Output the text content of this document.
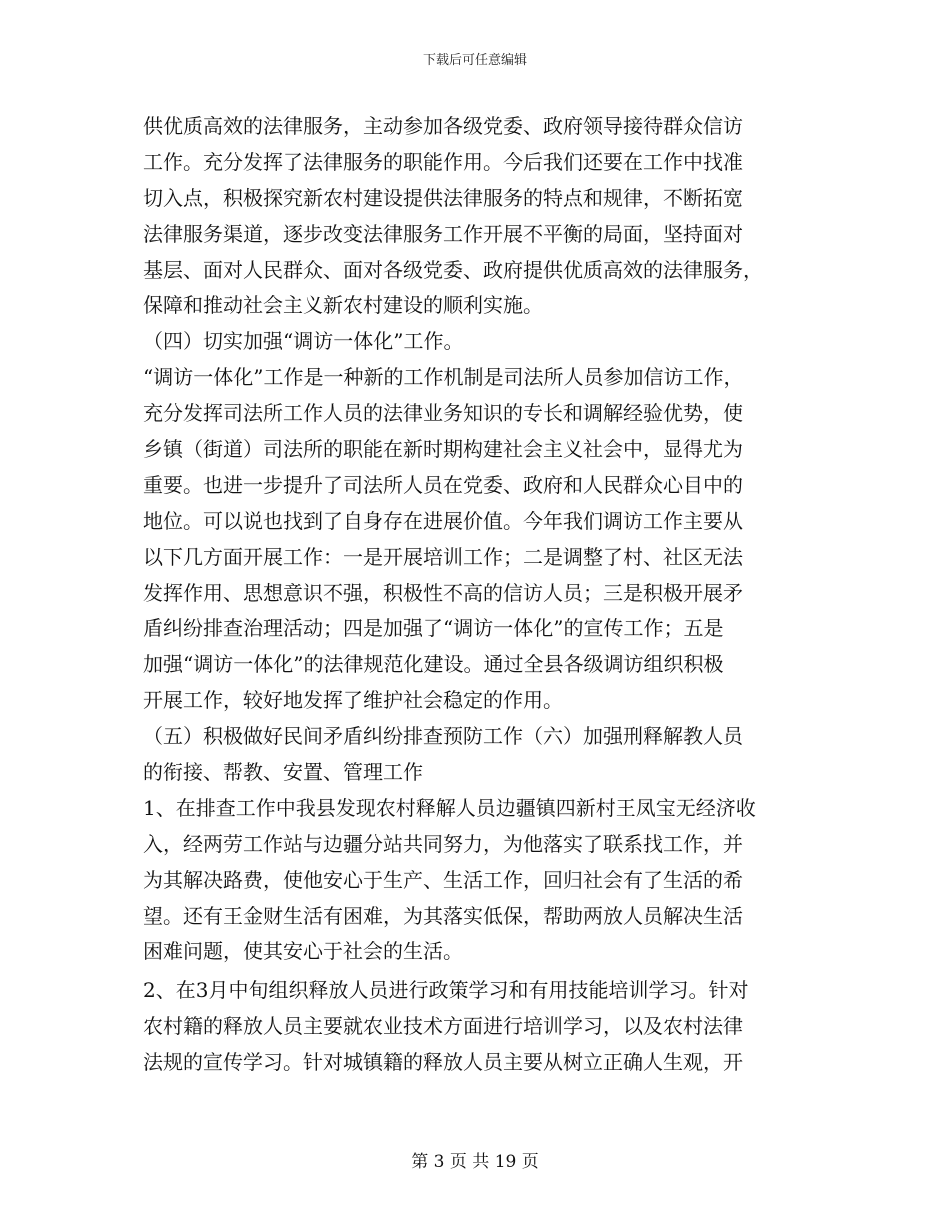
下载后可任意编辑
供优质高效的法律服务，主动参加各级党委、政府领导接待群众信访
工作。充分发挥了法律服务的职能作用。今后我们还要在工作中找准
切入点，积极探究新农村建设提供法律服务的特点和规律，不断拓宽
法律服务渠道，逐步改变法律服务工作开展不平衡的局面，坚持面对
基层、面对人民群众、面对各级党委、政府提供优质高效的法律服务，
保障和推动社会主义新农村建设的顺利实施。
（四）切实加强“调访一体化”工作。
“调访一体化”工作是一种新的工作机制是司法所人员参加信访工作，
充分发挥司法所工作人员的法律业务知识的专长和调解经验优势，使
乡镇（街道）司法所的职能在新时期构建社会主义社会中，显得尤为
重要。也进一步提升了司法所人员在党委、政府和人民群众心目中的
地位。可以说也找到了自身存在进展价值。今年我们调访工作主要从
以下几方面开展工作：一是开展培训工作；二是调整了村、社区无法
发挥作用、思想意识不强，积极性不高的信访人员；三是积极开展矛
盾纠纷排查治理活动；四是加强了“调访一体化”的宣传工作；五是
加强“调访一体化”的法律规范化建设。通过全县各级调访组织积极
开展工作，较好地发挥了维护社会稳定的作用。
（五）积极做好民间矛盾纠纷排查预防工作（六）加强刑释解教人员
的衔接、帮教、安置、管理工作
1、在排查工作中我县发现农村释解人员边疆镇四新村王凤宝无经济收
入，经两劳工作站与边疆分站共同努力，为他落实了联系找工作，并
为其解决路费，使他安心于生产、生活工作，回归社会有了生活的希
望。还有王金财生活有困难，为其落实低保，帮助两放人员解决生活
困难问题，使其安心于社会的生活。
2、在3月中旬组织释放人员进行政策学习和有用技能培训学习。针对
农村籍的释放人员主要就农业技术方面进行培训学习，以及农村法律
法规的宣传学习。针对城镇籍的释放人员主要从树立正确人生观，开
第 3 页 共 19 页
